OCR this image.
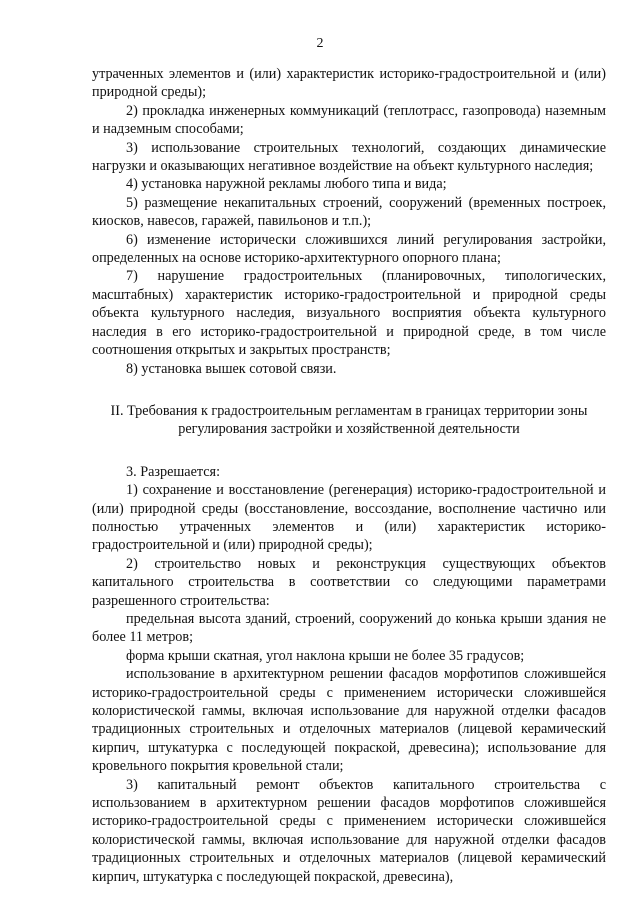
2

утраченных элементов и (или) характеристик историко-градостроительной и (или) природной среды);

2) прокладка инженерных коммуникаций (теплотрасс, газопровода) наземным и надземным способами;

3) использование строительных технологий, создающих динамические нагрузки и оказывающих негативное воздействие на объект культурного наследия;

4) установка наружной рекламы любого типа и вида;

5) размещение некапитальных строений, сооружений (временных построек, киосков, навесов, гаражей, павильонов и т.п.);

6) изменение исторически сложившихся линий регулирования застройки, определенных на основе историко-архитектурного опорного плана;

7) нарушение градостроительных (планировочных, типологических, масштабных) характеристик историко-градостроительной и природной среды объекта культурного наследия, визуального восприятия объекта культурного наследия в его историко-градостроительной и природной среде, в том числе соотношения открытых и закрытых пространств;

8) установка вышек сотовой связи.

II. Требования к градостроительным регламентам в границах территории зоны регулирования застройки и хозяйственной деятельности

3. Разрешается:

1) сохранение и восстановление (регенерация) историко-градостроительной и (или) природной среды (восстановление, воссоздание, восполнение частично или полностью утраченных элементов и (или) характеристик историко-градостроительной и (или) природной среды);

2) строительство новых и реконструкция существующих объектов капитального строительства в соответствии со следующими параметрами разрешенного строительства:

предельная высота зданий, строений, сооружений до конька крыши здания не более 11 метров;

форма крыши скатная, угол наклона крыши не более 35 градусов;

использование в архитектурном решении фасадов морфотипов сложившейся историко-градостроительной среды с применением исторически сложившейся колористической гаммы, включая использование для наружной отделки фасадов традиционных строительных и отделочных материалов (лицевой керамический кирпич, штукатурка с последующей покраской, древесина); использование для кровельного покрытия кровельной стали;

3) капитальный ремонт объектов капитального строительства с использованием в архитектурном решении фасадов морфотипов сложившейся историко-градостроительной среды с применением исторически сложившейся колористической гаммы, включая использование для наружной отделки фасадов традиционных строительных и отделочных материалов (лицевой керамический кирпич, штукатурка с последующей покраской, древесина),
